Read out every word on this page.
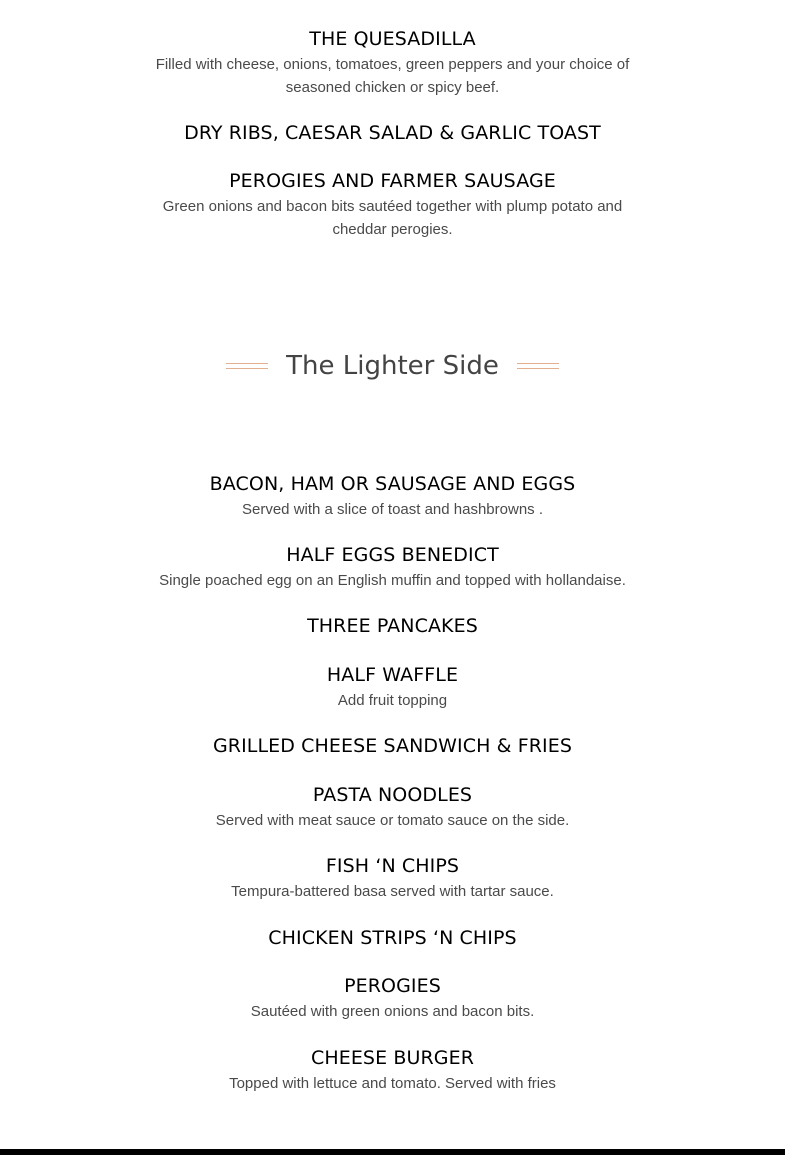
THE QUESADILLA
Filled with cheese, onions, tomatoes, green peppers and your choice of seasoned chicken or spicy beef.
DRY RIBS, CAESAR SALAD & GARLIC TOAST
PEROGIES AND FARMER SAUSAGE
Green onions and bacon bits sautéed together with plump potato and cheddar perogies.
The Lighter Side
BACON, HAM OR SAUSAGE AND EGGS
Served with a slice of toast and hashbrowns .
HALF EGGS BENEDICT
Single poached egg on an English muffin and topped with hollandaise.
THREE PANCAKES
HALF WAFFLE
Add fruit topping
GRILLED CHEESE SANDWICH & FRIES
PASTA NOODLES
Served with meat sauce or tomato sauce on the side.
FISH ‘N CHIPS
Tempura-battered basa served with tartar sauce.
CHICKEN STRIPS ‘N CHIPS
PEROGIES
Sautéed with green onions and bacon bits.
CHEESE BURGER
Topped with lettuce and tomato. Served with fries
